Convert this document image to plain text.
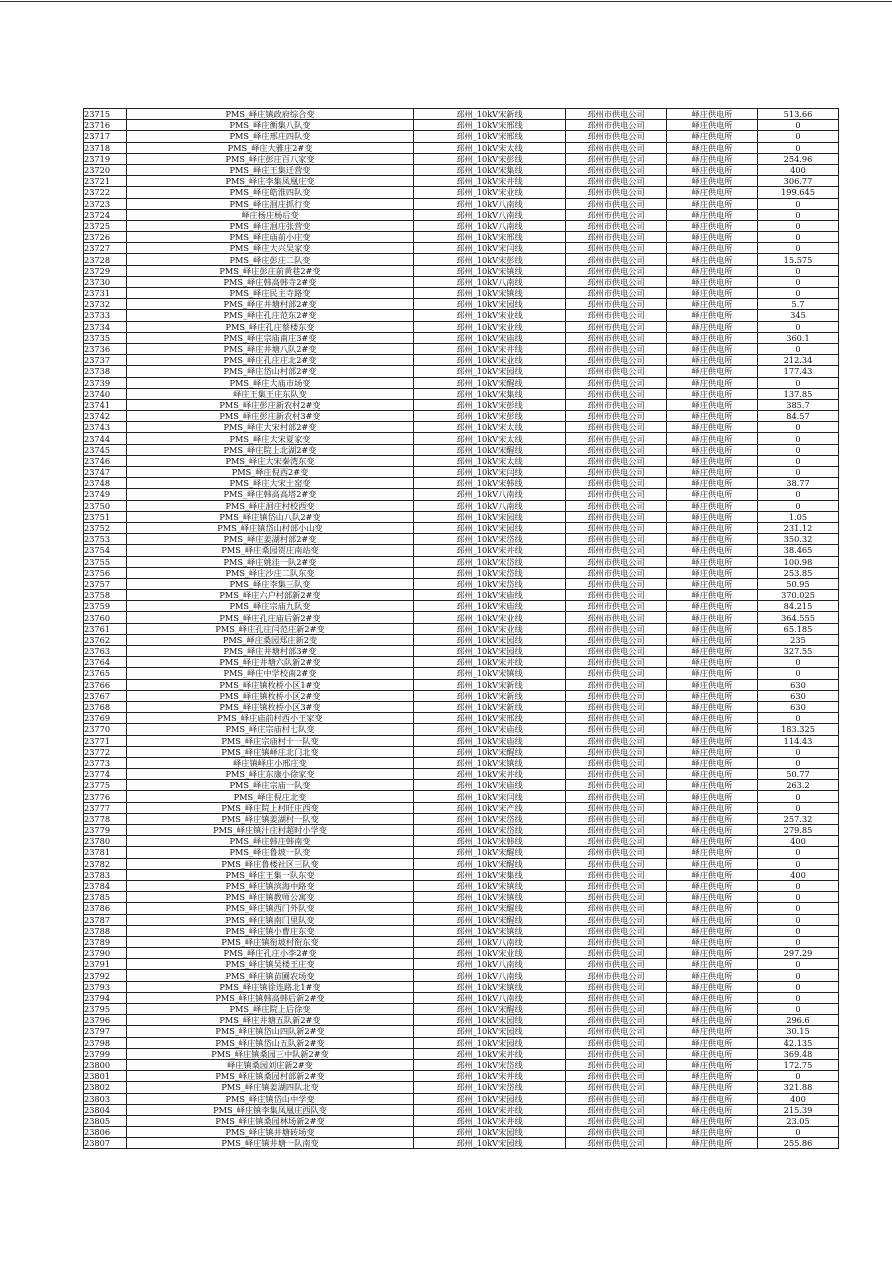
23715	PMS_峄庄镇政府综合变	邳州_10kV宋新线	邳州市供电公司	峄庄供电所	513.66
23716	PMS_峄庄衡集八队变	邳州_10kV宋邢线	邳州市供电公司	峄庄供电所	0
23717	PMS_峄庄邢庄四队变	邳州_10kV宋邢线	邳州市供电公司	峄庄供电所	0
23718	PMS_峄庄大雅庄2#变	邳州_10kV宋太线	邳州市供电公司	峄庄供电所	0
23719	PMS_峄庄彭庄百八家变	邳州_10kV宋彭线	邳州市供电公司	峄庄供电所	254.96
23720	PMS_峄庄王集迁营变	邳州_10kV宋集线	邳州市供电公司	峄庄供电所	400
23721	PMS_峄庄李集凤凰庄变	邳州_10kV宋井线	邳州市供电公司	峄庄供电所	306.77
23722	PMS_峄庄皓淮四队变	邳州_10kV宋业线	邳州市供电公司	峄庄供电所	199.645
23723	PMS_峄庄洄庄抓行变	邳州_10kV八南线	邳州市供电公司	峄庄供电所	0
23724	峄庄杨庄杨后变	邳州_10kV八南线	邳州市供电公司	峄庄供电所	0
23725	PMS_峄庄洄庄张营变	邳州_10kV八南线	邳州市供电公司	峄庄供电所	0
23726	PMS_峄庄庙前小庄变	邳州_10kV宋邢线	邳州市供电公司	峄庄供电所	0
23727	PMS_峄庄大兴吴家变	邳州_10kV宋闫线	邳州市供电公司	峄庄供电所	0
23728	PMS_峄庄彭庄二队变	邳州_10kV宋彭线	邳州市供电公司	峄庄供电所	15.575
23729	PMS_峄庄彭庄前黄巷2#变	邳州_10kV宋镇线	邳州市供电公司	峄庄供电所	0
23730	PMS_峄庄韩高韩寺2#变	邳州_10kV八南线	邳州市供电公司	峄庄供电所	0
23731	PMS_峄庄民主寺路变	邳州_10kV宋镇线	邳州市供电公司	峄庄供电所	0
23732	PMS_峄庄井塘村部2#变	邳州_10kV宋园线	邳州市供电公司	峄庄供电所	5.7
23733	PMS_峄庄孔庄范东2#变	邳州_10kV宋业线	邳州市供电公司	峄庄供电所	345
23734	PMS_峄庄孔庄蔡楼东变	邳州_10kV宋业线	邳州市供电公司	峄庄供电所	0
23735	PMS_峄庄宗庙南庄3#变	邳州_10kV宋庙线	邳州市供电公司	峄庄供电所	360.1
23736	PMS_峄庄井塘八队2#变	邳州_10kV宋井线	邳州市供电公司	峄庄供电所	0
23737	PMS_峄庄孔庄庄北2#变	邳州_10kV宋业线	邳州市供电公司	峄庄供电所	212.34
23738	PMS_峄庄岱山村部2#变	邳州_10kV宋园线	邳州市供电公司	峄庄供电所	177.43
23739	PMS_峄庄大庙市场变	邳州_10kV宋醒线	邳州市供电公司	峄庄供电所	0
23740	峄庄王集王庄东队变	邳州_10kV宋集线	邳州市供电公司	峄庄供电所	137.85
23741	PMS_峄庄彭庄新农村2#变	邳州_10kV宋彭线	邳州市供电公司	峄庄供电所	385.7
23742	PMS_峄庄彭庄新农村3#变	邳州_10kV宋彭线	邳州市供电公司	峄庄供电所	84.57
23743	PMS_峄庄大宋村部2#变	邳州_10kV宋太线	邳州市供电公司	峄庄供电所	0
23744	PMS_峄庄大宋夏家变	邳州_10kV宋太线	邳州市供电公司	峄庄供电所	0
23745	PMS_峄庄院上北湖2#变	邳州_10kV宋醒线	邳州市供电公司	峄庄供电所	0
23746	PMS_峄庄大宋秦湾东变	邳州_10kV宋太线	邳州市供电公司	峄庄供电所	0
23747	PMS_峄庄倪西2#变	邳州_10kV宋闫线	邳州市供电公司	峄庄供电所	0
23748	PMS_峄庄大宋土窑变	邳州_10kV宋韩线	邳州市供电公司	峄庄供电所	38.77
23749	PMS_峄庄韩高高塔2#变	邳州_10kV八南线	邳州市供电公司	峄庄供电所	0
23750	PMS_峄庄洄庄村校西变	邳州_10kV八南线	邳州市供电公司	峄庄供电所	0
23751	PMS_峄庄镇岱山八队2#变	邳州_10kV宋园线	邳州市供电公司	峄庄供电所	1.05
23752	PMS_峄庄镇岱山村部小山变	邳州_10kV宋园线	邳州市供电公司	峄庄供电所	231.12
23753	PMS_峄庄姜湖村部2#变	邳州_10kV宋岱线	邳州市供电公司	峄庄供电所	350.32
23754	PMS_峄庄桑园贺庄南站变	邳州_10kV宋井线	邳州市供电公司	峄庄供电所	38.465
23755	PMS_峄庄姚洼一队2#变	邳州_10kV宋岱线	邳州市供电公司	峄庄供电所	100.98
23756	PMS_峄庄沙庄二队东变	邳州_10kV宋岱线	邳州市供电公司	峄庄供电所	253.85
23757	PMS_峄庄李集三队变	邳州_10kV宋岱线	邳州市供电公司	峄庄供电所	50.95
23758	PMS_峄庄六户村部新2#变	邳州_10kV宋庙线	邳州市供电公司	峄庄供电所	370.025
23759	PMS_峄庄宗庙九队变	邳州_10kV宋庙线	邳州市供电公司	峄庄供电所	84.215
23760	PMS_峄庄孔庄庙后新2#变	邳州_10kV宋业线	邳州市供电公司	峄庄供电所	364.555
23761	PMS_峄庄孔庄闫范庄新2#变	邳州_10kV宋业线	邳州市供电公司	峄庄供电所	65.185
23762	PMS_峄庄桑园郑庄新2变	邳州_10kV宋园线	邳州市供电公司	峄庄供电所	235
23763	PMS_峄庄井塘村部3#变	邳州_10kV宋园线	邳州市供电公司	峄庄供电所	327.55
23764	PMS_峄庄井塘六队新2#变	邳州_10kV宋井线	邳州市供电公司	峄庄供电所	0
23765	PMS_峄庄中学校南2#变	邳州_10kV宋镇线	邳州市供电公司	峄庄供电所	0
23766	PMS_峄庄镇枚桥小区1#变	邳州_10kV宋新线	邳州市供电公司	峄庄供电所	630
23767	PMS_峄庄镇枚桥小区2#变	邳州_10kV宋新线	邳州市供电公司	峄庄供电所	630
23768	PMS_峄庄镇枚桥小区3#变	邳州_10kV宋新线	邳州市供电公司	峄庄供电所	630
23769	PMS_峄庄庙前村西小王家变	邳州_10kV宋邢线	邳州市供电公司	峄庄供电所	0
23770	PMS_峄庄宗庙村七队变	邳州_10kV宋庙线	邳州市供电公司	峄庄供电所	183.325
23771	PMS_峄庄宗庙村十一队变	邳州_10kV宋庙线	邳州市供电公司	峄庄供电所	114.43
23772	PMS_峄庄镇峄庄北门北变	邳州_10kV宋醒线	邳州市供电公司	峄庄供电所	0
23773	峄庄镇峄庄小邢庄变	邳州_10kV宋镇线	邳州市供电公司	峄庄供电所	0
23774	PMS_峄庄东康小徐家变	邳州_10kV宋井线	邳州市供电公司	峄庄供电所	50.77
23775	PMS_峄庄宗庙一队变	邳州_10kV宋庙线	邳州市供电公司	峄庄供电所	263.2
23776	PMS_峄庄倪庄北变	邳州_10kV宋闫线	邳州市供电公司	峄庄供电所	0
23777	PMS_峄庄院上村旺庄西变	邳州_10kV宋产线	邳州市供电公司	峄庄供电所	0
23778	PMS_峄庄镇姜湖村一队变	邳州_10kV宋岱线	邳州市供电公司	峄庄供电所	257.32
23779	PMS_峄庄镇汁庄村超时小学变	邳州_10kV宋岱线	邳州市供电公司	峄庄供电所	279.85
23780	PMS_峄庄韩庄韩南变	邳州_10kV宋韩线	邳州市供电公司	峄庄供电所	400
23781	PMS_峄庄鲁坡一队变	邳州_10kV宋醒线	邳州市供电公司	峄庄供电所	0
23782	PMS_峄庄鲁楼社区三队变	邳州_10kV宋醒线	邳州市供电公司	峄庄供电所	0
23783	PMS_峄庄王集一队东变	邳州_10kV宋集线	邳州市供电公司	峄庄供电所	400
23784	PMS_峄庄镇滨海中路变	邳州_10kV宋镇线	邳州市供电公司	峄庄供电所	0
23785	PMS_峄庄镇教师公寓变	邳州_10kV宋镇线	邳州市供电公司	峄庄供电所	0
23786	PMS_峄庄镇西门外队变	邳州_10kV宋醒线	邳州市供电公司	峄庄供电所	0
23787	PMS_峄庄镇南门里队变	邳州_10kV宋醒线	邳州市供电公司	峄庄供电所	0
23788	PMS_峄庄镇小曹庄东变	邳州_10kV宋镇线	邳州市供电公司	峄庄供电所	0
23789	PMS_峄庄镇衔坡村衔东变	邳州_10kV八南线	邳州市供电公司	峄庄供电所	0
23790	PMS_峄庄孔庄小李2#变	邳州_10kV宋业线	邳州市供电公司	峄庄供电所	297.29
23791	PMS_峄庄镇吴楼王庄变	邳州_10kV八南线	邳州市供电公司	峄庄供电所	0
23792	PMS_峄庄镇苗圃农场变	邳州_10kV八南线	邳州市供电公司	峄庄供电所	0
23793	PMS_峄庄镇徐连路北1#变	邳州_10kV宋镇线	邳州市供电公司	峄庄供电所	0
23794	PMS_峄庄镇韩高韩后新2#变	邳州_10kV八南线	邳州市供电公司	峄庄供电所	0
23795	PMS_峄庄院上后徐变	邳州_10kV宋醒线	邳州市供电公司	峄庄供电所	0
23796	PMS_峄庄井塘五队新2#变	邳州_10kV宋园线	邳州市供电公司	峄庄供电所	296.6
23797	PMS_峄庄镇岱山四队新2#变	邳州_10kV宋园线	邳州市供电公司	峄庄供电所	30.15
23798	PMS_峄庄镇岱山五队新2#变	邳州_10kV宋园线	邳州市供电公司	峄庄供电所	42.135
23799	PMS_峄庄镇桑园三中队新2#变	邳州_10kV宋井线	邳州市供电公司	峄庄供电所	369.48
23800	峄庄镇桑园刘庄新2#变	邳州_10kV宋岱线	邳州市供电公司	峄庄供电所	172.75
23801	PMS_峄庄镇桑园村部新2#变	邳州_10kV宋井线	邳州市供电公司	峄庄供电所	0
23802	PMS_峄庄镇姜湖四队北变	邳州_10kV宋岱线	邳州市供电公司	峄庄供电所	321.88
23803	PMS_峄庄镇岱山中学变	邳州_10kV宋园线	邳州市供电公司	峄庄供电所	400
23804	PMS_峄庄镇李集凤凰庄西队变	邳州_10kV宋井线	邳州市供电公司	峄庄供电所	215.39
23805	PMS_峄庄镇桑园林场新2#变	邳州_10kV宋井线	邳州市供电公司	峄庄供电所	23.05
23806	PMS_峄庄镇井塘砖场变	邳州_10kV宋园线	邳州市供电公司	峄庄供电所	0
23807	PMS_峄庄镇井塘一队南变	邳州_10kV宋园线	邳州市供电公司	峄庄供电所	255.86
